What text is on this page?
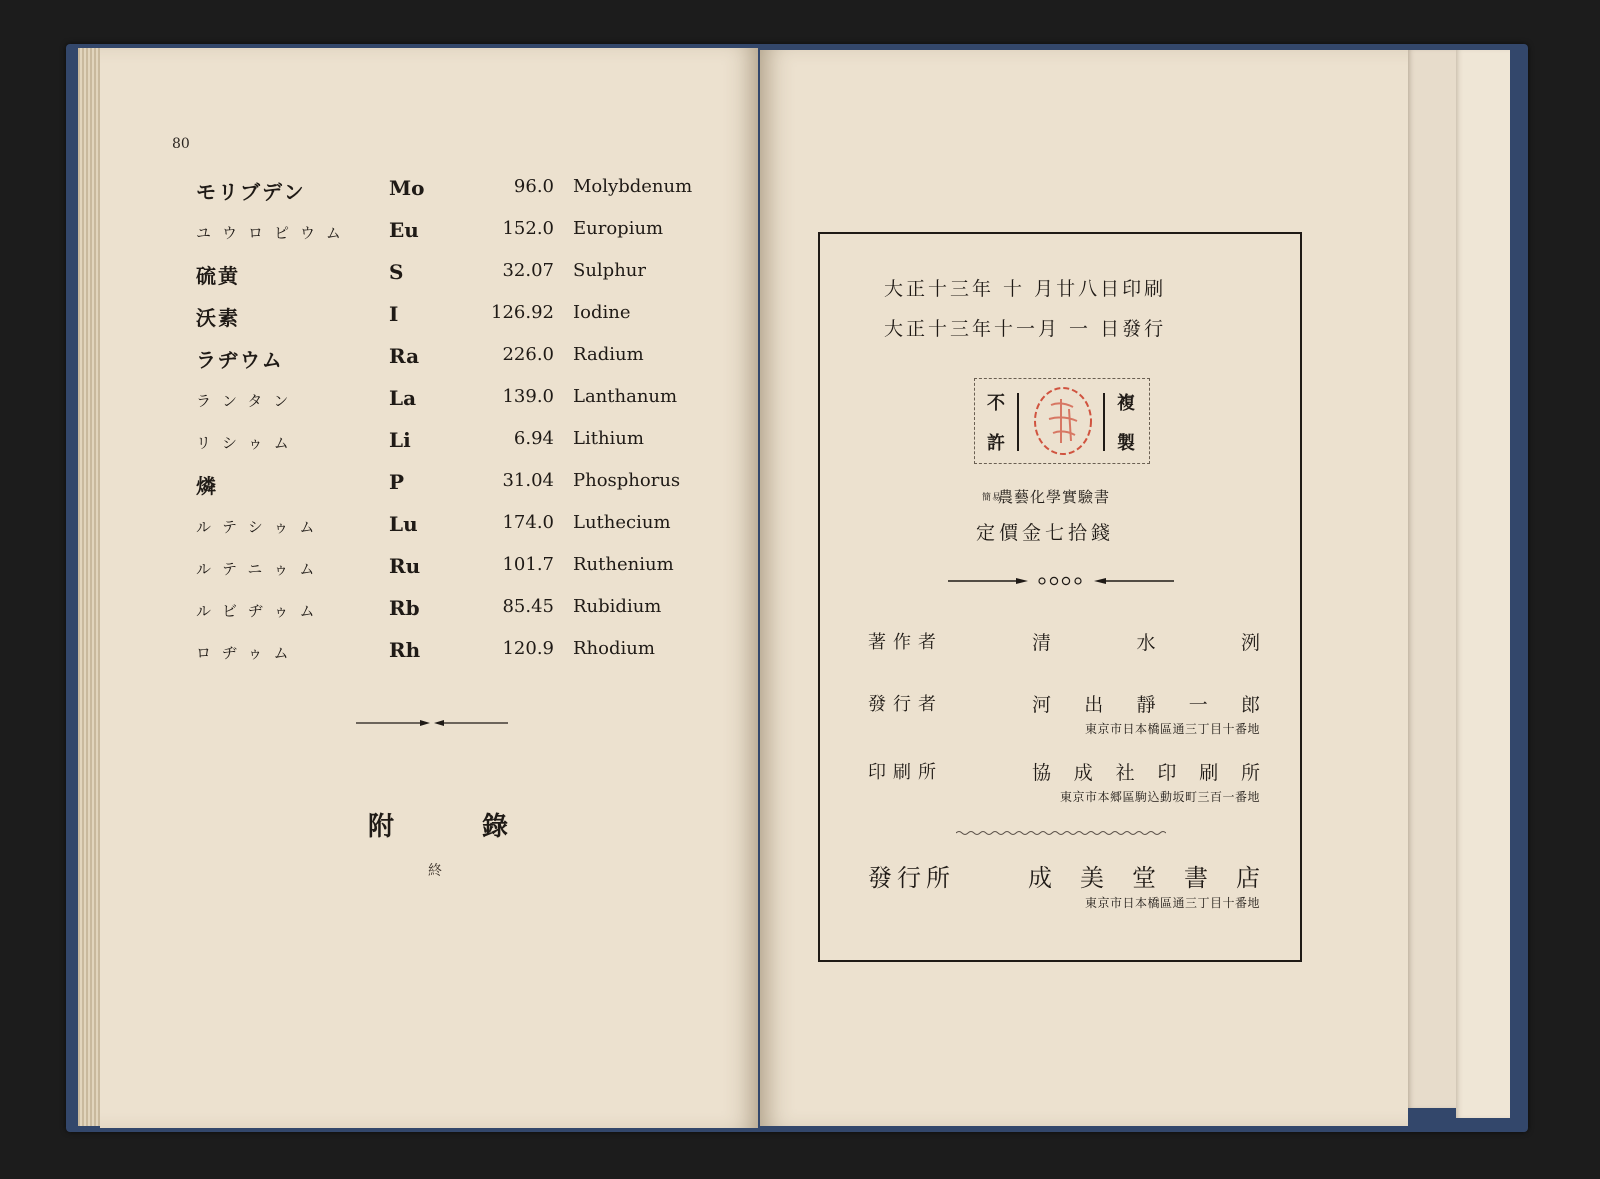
80
モリブデン	Mo	96.0 Molybdenum
ユウロピウム Eu	152.0 Europium
硫黄	S	32.07 Sulphur
沃素	I	126.92 Iodine
ラヂウム	Ra	226.0 Radium
ランタン	La	139.0 Lanthanum
リシゥム	Li	6.94 Lithium
燐	P	31.04 Phosphorus
ルテシゥム	Lu	174.0 Luthecium
ルテニゥム	Ru	101.7 Ruthenium
ルビヂゥム	Rb	85.45 Rubidium
ロヂゥム	Rh	120.9 Rhodium
附	錄
終
大正十三年 十 月廿八日印刷
大正十三年十一月 一 日發行
不
許
複
製
簡易農藝化學實驗書
定價金七拾錢
著作者	清	水	洌
發行者	河 出 靜 一 郎
東京市日本橋區通三丁目十番地
印刷所	協 成 社 印 刷 所
東京市本郷區駒込動坂町三百一番地
發行所	成 美 堂 書 店
東京市日本橋區通三丁目十番地
